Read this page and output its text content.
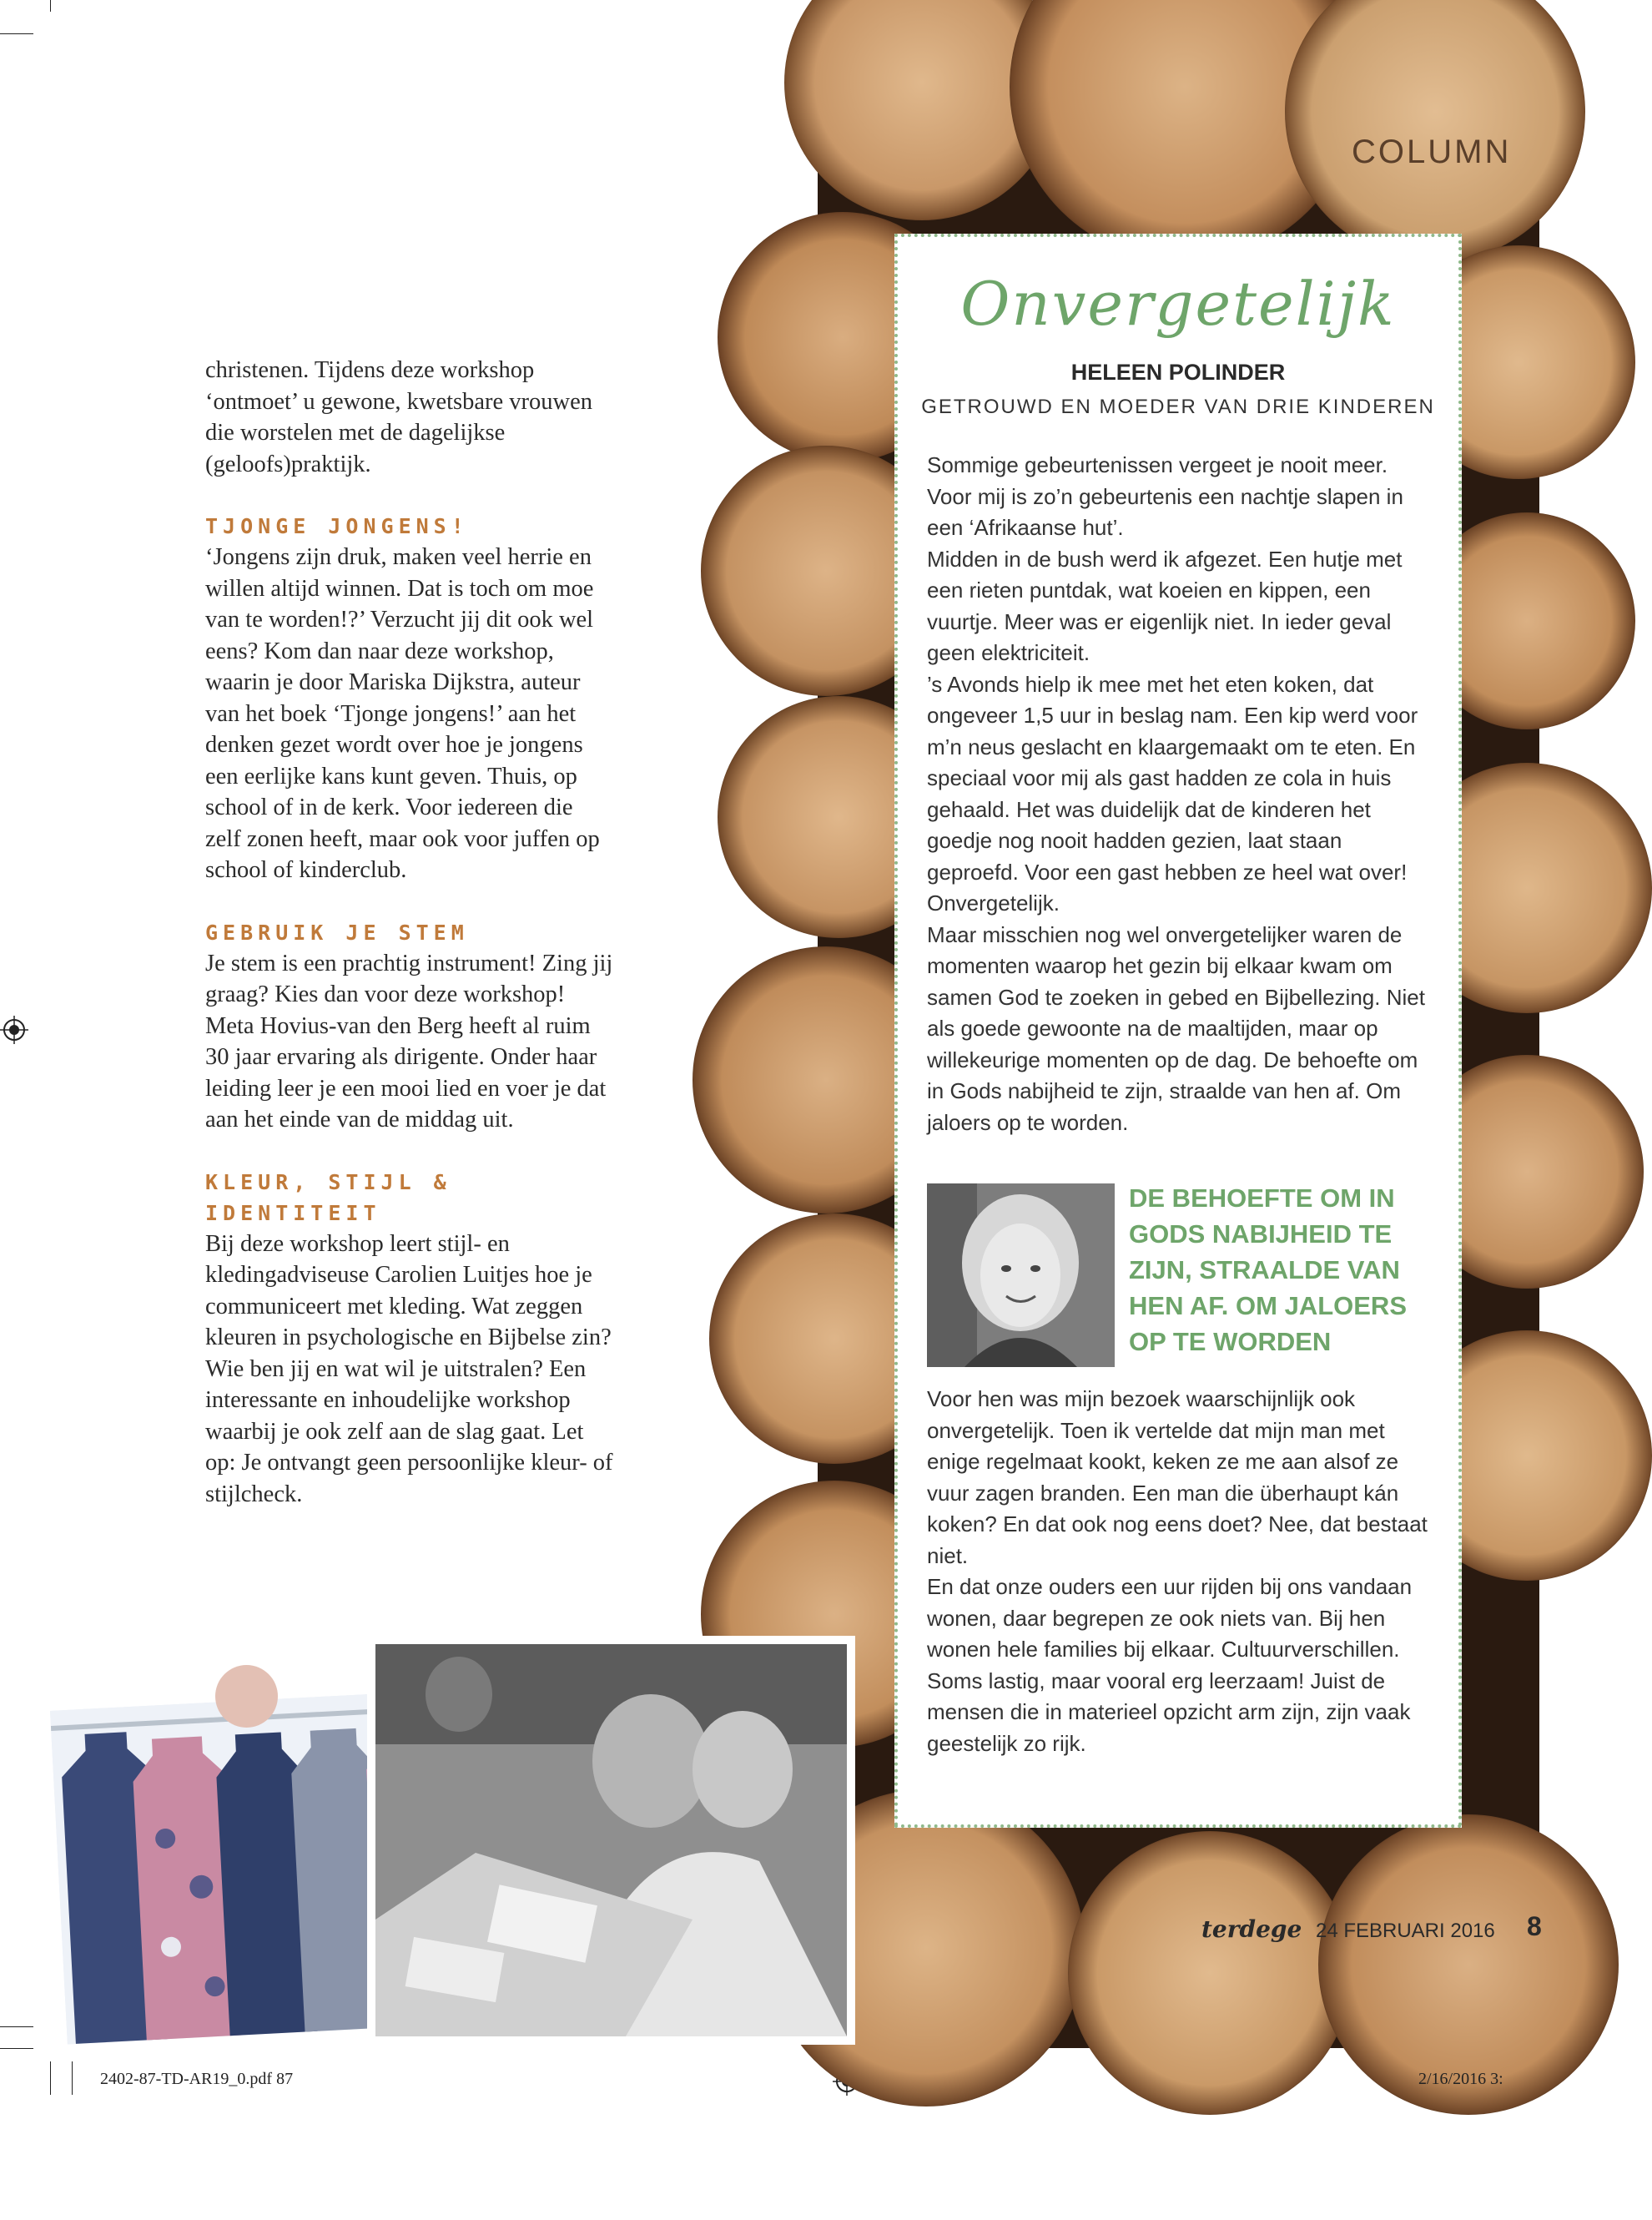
christenen. Tijdens deze workshop ‘ontmoet’ u gewone, kwetsbare vrouwen die worstelen met de dagelijkse (geloofs)praktijk.

TJONGE JONGENS!

‘Jongens zijn druk, maken veel herrie en willen altijd winnen. Dat is toch om moe van te worden!?’ Verzucht jij dit ook wel eens? Kom dan naar deze workshop, waarin je door Mariska Dijkstra, auteur van het boek ‘Tjonge jongens!’ aan het denken gezet wordt over hoe je jongens een eerlijke kans kunt geven. Thuis, op school of in de kerk. Voor iedereen die zelf zonen heeft, maar ook voor juffen op school of kinderclub.

GEBRUIK JE STEM

Je stem is een prachtig instrument! Zing jij graag? Kies dan voor deze workshop! Meta Hovius-van den Berg heeft al ruim 30 jaar ervaring als dirigente. Onder haar leiding leer je een mooi lied en voer je dat aan het einde van de middag uit.

KLEUR, STIJL & IDENTITEIT

Bij deze workshop leert stijl- en kledingadviseuse Carolien Luitjes hoe je communiceert met kleding. Wat zeggen kleuren in psychologische en Bijbelse zin? Wie ben jij en wat wil je uitstralen? Een interessante en inhoudelijke workshop waarbij je ook zelf aan de slag gaat. Let op: Je ontvangt geen persoonlijke kleur- of stijlcheck.

COLUMN
Onvergetelijk
HELEEN POLINDER
GETROUWD EN MOEDER VAN DRIE KINDEREN

Sommige gebeurtenissen vergeet je nooit meer. Voor mij is zo’n gebeurtenis een nachtje slapen in een ‘Afrikaanse hut’.

Midden in de bush werd ik afgezet. Een hutje met een rieten puntdak, wat koeien en kippen, een vuurtje. Meer was er eigenlijk niet. In ieder geval geen elektriciteit.

’s Avonds hielp ik mee met het eten koken, dat ongeveer 1,5 uur in beslag nam. Een kip werd voor m’n neus geslacht en klaargemaakt om te eten. En speciaal voor mij als gast hadden ze cola in huis gehaald. Het was duidelijk dat de kinderen het goedje nog nooit hadden gezien, laat staan geproefd. Voor een gast hebben ze heel wat over! Onvergetelijk.

Maar misschien nog wel onvergetelijker waren de momenten waarop het gezin bij elkaar kwam om samen God te zoeken in gebed en Bijbellezing. Niet als goede gewoonte na de maaltijden, maar op willekeurige momenten op de dag. De behoefte om in Gods nabijheid te zijn, straalde van hen af. Om jaloers op te worden.

DE BEHOEFTE OM IN GODS NABIJHEID TE ZIJN, STRAALDE VAN HEN AF. OM JALOERS OP TE WORDEN

Voor hen was mijn bezoek waarschijnlijk ook onvergetelijk. Toen ik vertelde dat mijn man met enige regelmaat kookt, keken ze me aan alsof ze vuur zagen branden. Een man die überhaupt kán koken? En dat ook nog eens doet? Nee, dat bestaat niet.

En dat onze ouders een uur rijden bij ons vandaan wonen, daar begrepen ze ook niets van. Bij hen wonen hele families bij elkaar. Cultuurverschillen. Soms lastig, maar vooral erg leerzaam! Juist de mensen die in materieel opzicht arm zijn, zijn vaak geestelijk zo rijk.

terdege 24 FEBRUARI 2016 8
2402-87-TD-AR19_0.pdf 87	2/16/2016 3:
